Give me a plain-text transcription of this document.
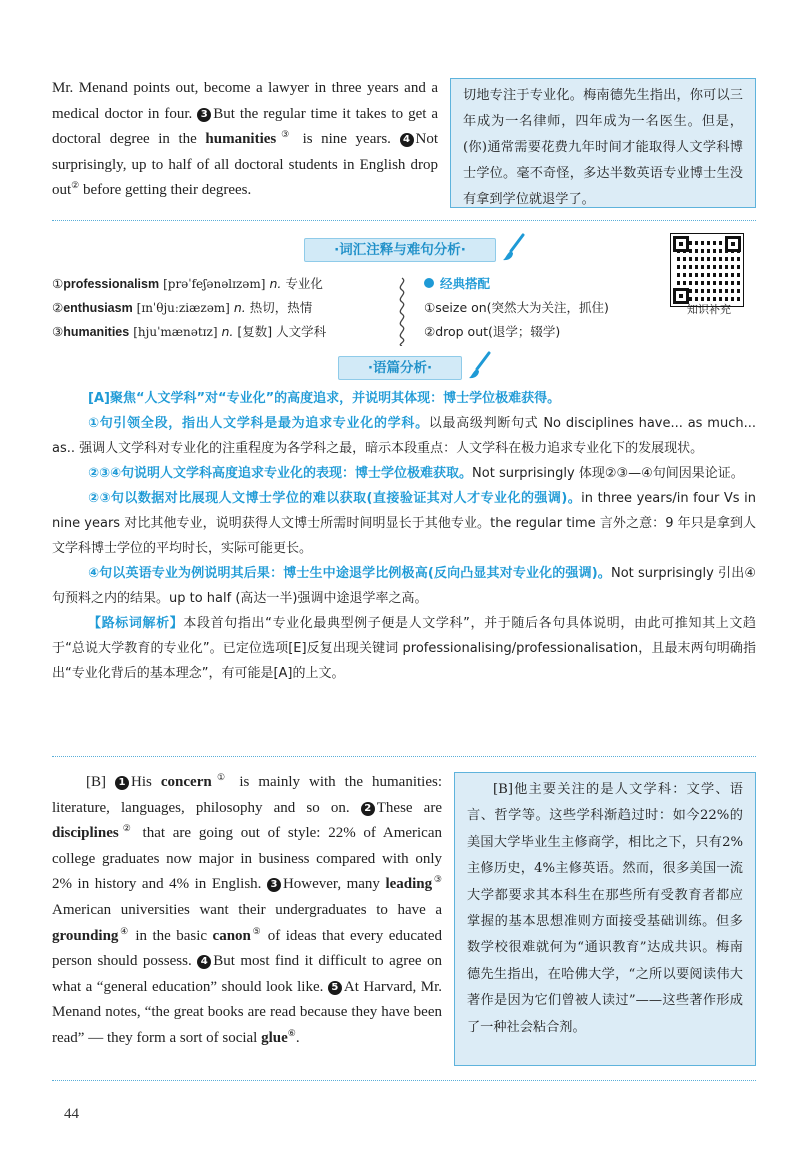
Mr. Menand points out, become a lawyer in three years and a medical doctor in four. 3 But the regular time it takes to get a doctoral degree in the humanities③ is nine years. 4 Not surprisingly, up to half of all doctoral students in English drop out② before getting their degrees.
切地专注于专业化。梅南德先生指出，你可以三年成为一名律师，四年成为一名医生。但是，(你)通常需要花费九年时间才能取得人文学科博士学位。毫不奇怪，多达半数英语专业博士生没有拿到学位就退学了。
·词汇注释与难句分析·
①professionalism [prəˈfeʃənəlɪzəm] n. 专业化
②enthusiasm [ɪnˈθjuːziæzəm] n. 热切，热情
③humanities [hjuˈmænətɪz] n. [复数] 人文学科
经典搭配
①seize on(突然大为关注，抓住)
②drop out(退学；辍学)
知识补充
·语篇分析·
[A]聚焦“人文学科”对“专业化”的高度追求，并说明其体现：博士学位极难获得。
①句引领全段，指出人文学科是最为追求专业化的学科。以最高级判断句式 No disciplines have... as much... as.. 强调人文学科对专业化的注重程度为各学科之最，暗示本段重点：人文学科在极力追求专业化下的发展现状。
②③④句说明人文学科高度追求专业化的表现：博士学位极难获取。Not surprisingly 体现②③—④句间因果论证。
②③句以数据对比展现人文博士学位的难以获取(直接验证其对人才专业化的强调)。in three years/in four Vs in nine years 对比其他专业，说明获得人文博士所需时间明显长于其他专业。the regular time 言外之意：9 年只是拿到人文学科博士学位的平均时长，实际可能更长。
④句以英语专业为例说明其后果：博士生中途退学比例极高(反向凸显其对专业化的强调)。Not surprisingly 引出④句预料之内的结果。up to half (高达一半)强调中途退学率之高。
【路标词解析】本段首句指出“专业化最典型例子便是人文学科”，并于随后各句具体说明，由此可推知其上文趋于“总说大学教育的专业化”。已定位选项[E]反复出现关键词 professionalising/professionalisation，且最末两句明确指出“专业化背后的基本理念”，有可能是[A]的上文。
[B] 1 His concern① is mainly with the humanities: literature, languages, philosophy and so on. 2 These are disciplines② that are going out of style: 22% of American college graduates now major in business compared with only 2% in history and 4% in English. 3 However, many leading③ American universities want their undergraduates to have a grounding④ in the basic canon⑤ of ideas that every educated person should possess. 4 But most find it difficult to agree on what a “general education” should look like. 5 At Harvard, Mr. Menand notes, “the great books are read because they have been read” — they form a sort of social glue⑥.
[B]他主要关注的是人文学科：文学、语言、哲学等。这些学科渐趋过时：如今22%的美国大学毕业生主修商学，相比之下，只有2%主修历史，4%主修英语。然而，很多美国一流大学都要求其本科生在那些所有受教育者都应掌握的基本思想准则方面接受基础训练。但多数学校很难就何为“通识教育”达成共识。梅南德先生指出，在哈佛大学，“之所以要阅读伟大著作是因为它们曾被人读过”——这些著作形成了一种社会粘合剂。
44
